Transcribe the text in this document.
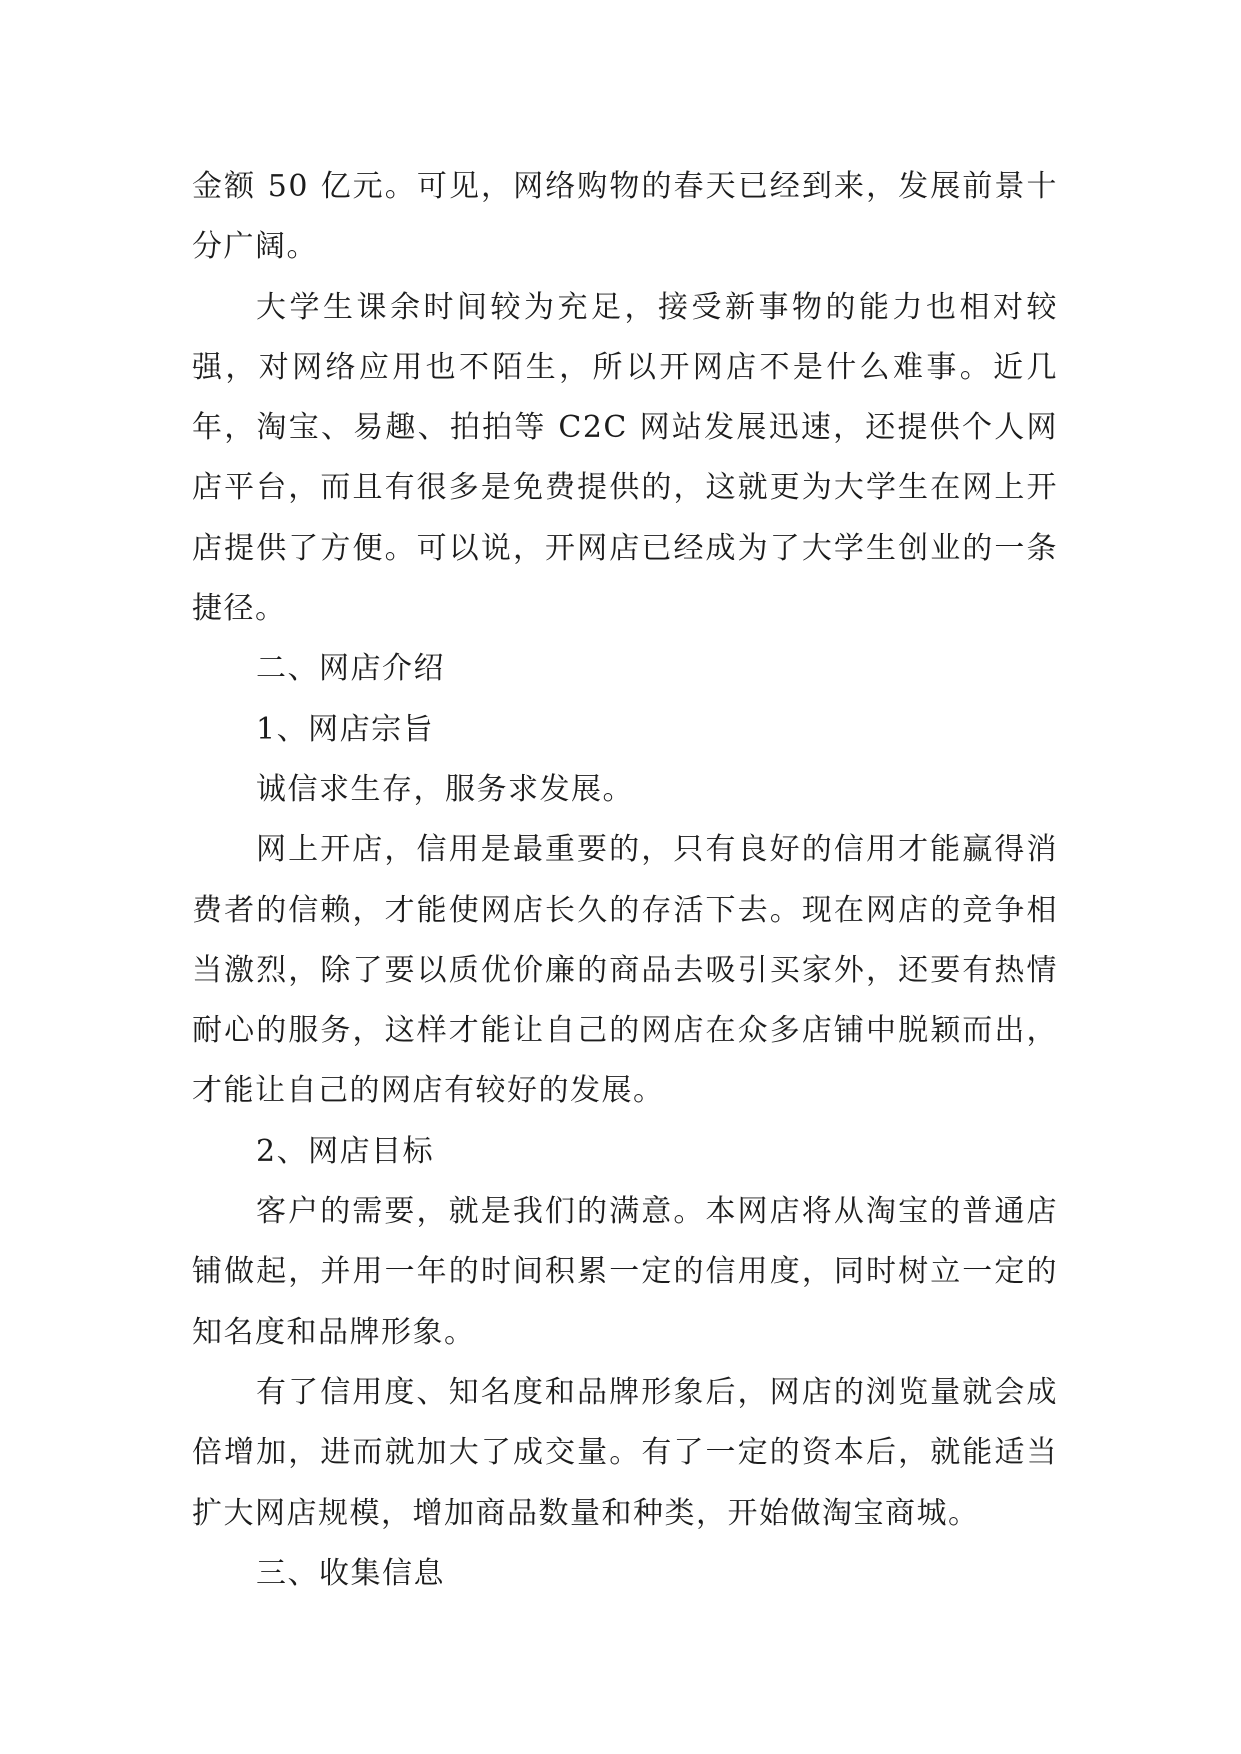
金额 50 亿元。可见，网络购物的春天已经到来，发展前景十分广阔。

大学生课余时间较为充足，接受新事物的能力也相对较强，对网络应用也不陌生，所以开网店不是什么难事。近几年，淘宝、易趣、拍拍等 C2C 网站发展迅速，还提供个人网店平台，而且有很多是免费提供的，这就更为大学生在网上开店提供了方便。可以说，开网店已经成为了大学生创业的一条捷径。

二、网店介绍

1、网店宗旨

诚信求生存，服务求发展。

网上开店，信用是最重要的，只有良好的信用才能赢得消费者的信赖，才能使网店长久的存活下去。现在网店的竞争相当激烈，除了要以质优价廉的商品去吸引买家外，还要有热情耐心的服务，这样才能让自己的网店在众多店铺中脱颖而出，才能让自己的网店有较好的发展。

2、网店目标

客户的需要，就是我们的满意。本网店将从淘宝的普通店铺做起，并用一年的时间积累一定的信用度，同时树立一定的知名度和品牌形象。

有了信用度、知名度和品牌形象后，网店的浏览量就会成倍增加，进而就加大了成交量。有了一定的资本后，就能适当扩大网店规模，增加商品数量和种类，开始做淘宝商城。

三、收集信息
